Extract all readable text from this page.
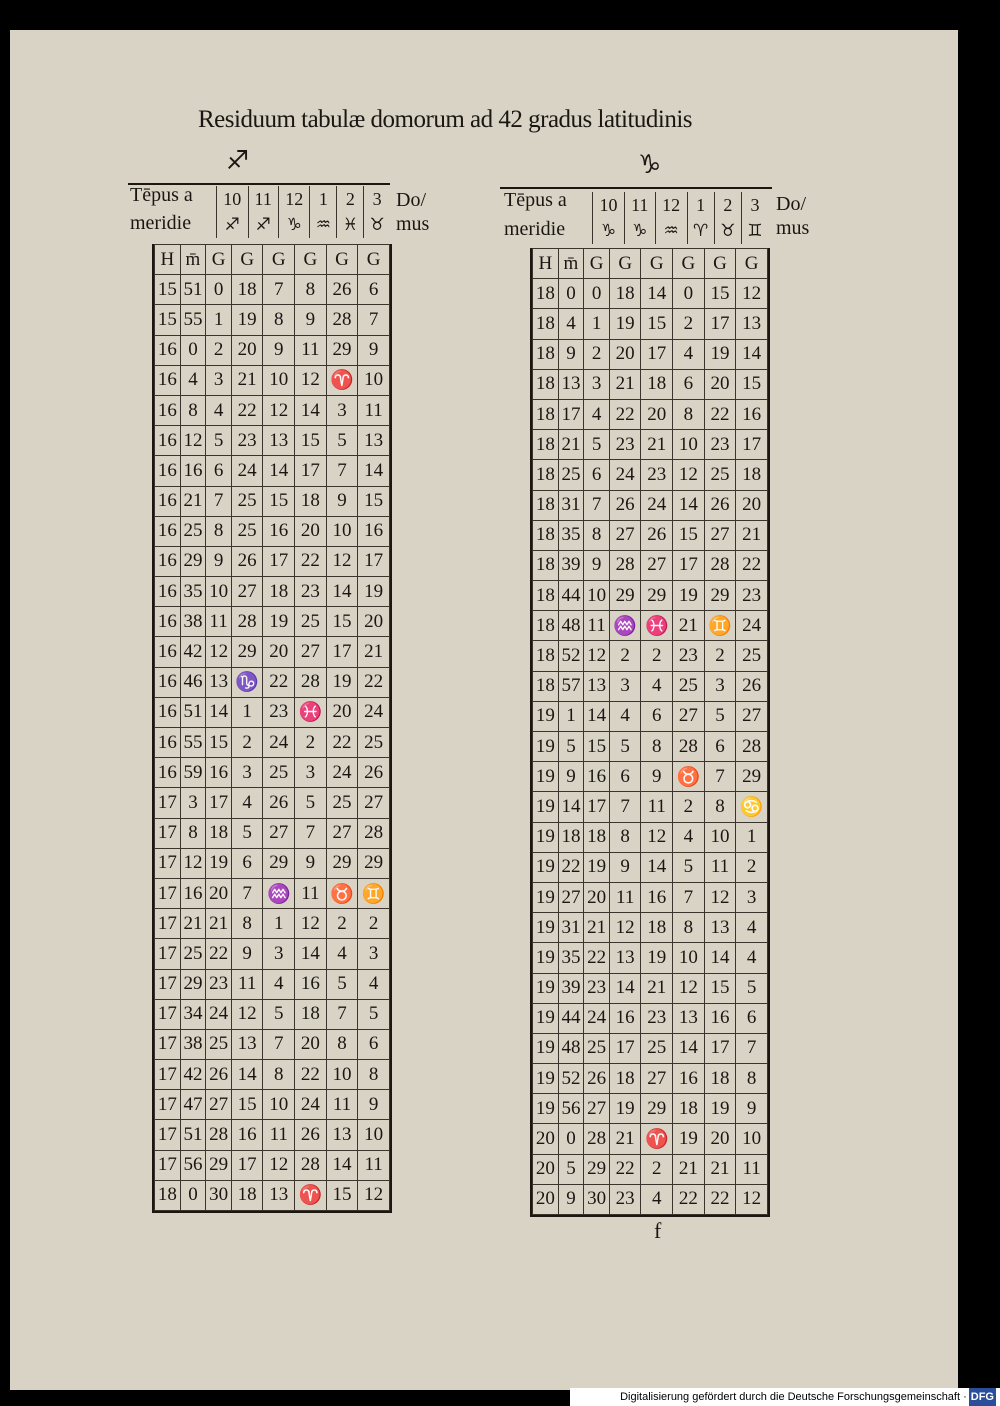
Residuum tabulæ domorum ad 42 gradus latitudinis
♐	♑
Tēpus a
meridie
10	11	12	1	2	3
♐	♐	♑	♒	♓	♉
Do/
mus
H	m̄	G	G	G	G	G	G
15	51	0	18	7	8	26	6
15	55	1	19	8	9	28	7
16	0	2	20	9	11	29	9
16	4	3	21	10	12	♈	10
16	8	4	22	12	14	3	11
16	12	5	23	13	15	5	13
16	16	6	24	14	17	7	14
16	21	7	25	15	18	9	15
16	25	8	25	16	20	10	16
16	29	9	26	17	22	12	17
16	35	10	27	18	23	14	19
16	38	11	28	19	25	15	20
16	42	12	29	20	27	17	21
16	46	13	♑	22	28	19	22
16	51	14	1	23	♓	20	24
16	55	15	2	24	2	22	25
16	59	16	3	25	3	24	26
17	3	17	4	26	5	25	27
17	8	18	5	27	7	27	28
17	12	19	6	29	9	29	29
17	16	20	7	♒	11	♉	♊
17	21	21	8	1	12	2	2
17	25	22	9	3	14	4	3
17	29	23	11	4	16	5	4
17	34	24	12	5	18	7	5
17	38	25	13	7	20	8	6
17	42	26	14	8	22	10	8
17	47	27	15	10	24	11	9
17	51	28	16	11	26	13	10
17	56	29	17	12	28	14	11
18	0	30	18	13	♈	15	12
Tēpus a
meridie
10	11	12	1	2	3
♑	♑	♒	♈	♉	♊
Do/
mus
H	m̄	G	G	G	G	G	G
18	0	0	18	14	0	15	12
18	4	1	19	15	2	17	13
18	9	2	20	17	4	19	14
18	13	3	21	18	6	20	15
18	17	4	22	20	8	22	16
18	21	5	23	21	10	23	17
18	25	6	24	23	12	25	18
18	31	7	26	24	14	26	20
18	35	8	27	26	15	27	21
18	39	9	28	27	17	28	22
18	44	10	29	29	19	29	23
18	48	11	♒	♓	21	♊	24
18	52	12	2	2	23	2	25
18	57	13	3	4	25	3	26
19	1	14	4	6	27	5	27
19	5	15	5	8	28	6	28
19	9	16	6	9	♉	7	29
19	14	17	7	11	2	8	♋
19	18	18	8	12	4	10	1
19	22	19	9	14	5	11	2
19	27	20	11	16	7	12	3
19	31	21	12	18	8	13	4
19	35	22	13	19	10	14	4
19	39	23	14	21	12	15	5
19	44	24	16	23	13	16	6
19	48	25	17	25	14	17	7
19	52	26	18	27	16	18	8
19	56	27	19	29	18	19	9
20	0	28	21	♈	19	20	10
20	5	29	22	2	21	21	11
20	9	30	23	4	22	22	12
f
Digitalisierung gefördert durch die Deutsche Forschungsgemeinschaft · DFG
